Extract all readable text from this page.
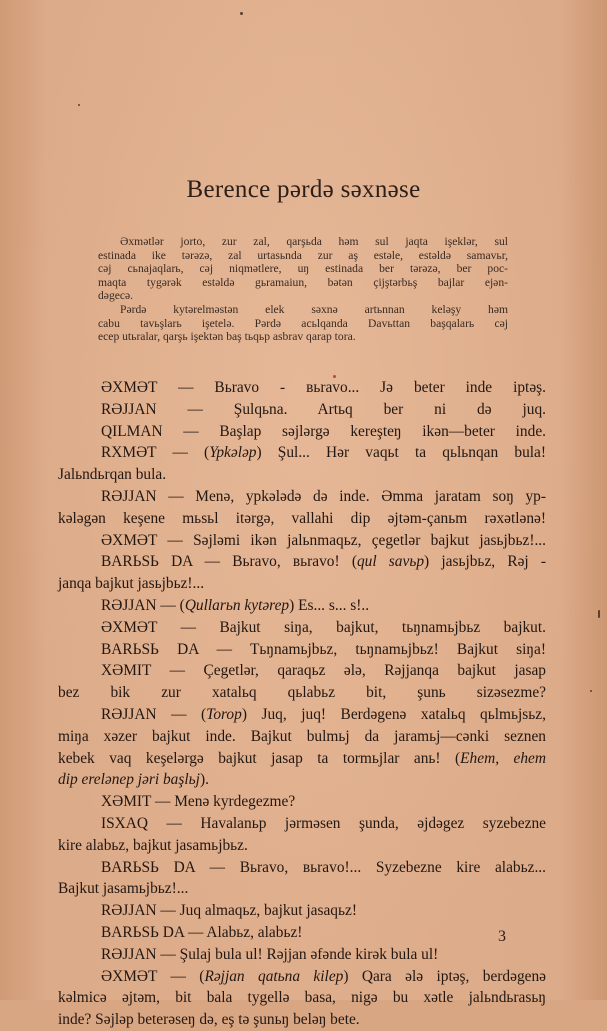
Berence pərdə səxnəse

Əxmətlər jorto, zur zal, qarşьda həm sul jaqta işeklər, sul
estinada ike tərəzə, zal urtasьnda zur aş estəle, estəldə samavьr,
cəj cьnajaqlarь, cəj niqmətlere, uŋ estinada ber tərəzə, ber poc-
maqta tygərək estəldə gьramaiun, bətən çijştərbьş bajlar ejən-
dəgecə.

Pərdə kytərelməstən elek səxnə artьnnan keləşy həm
cabu tavьşlarь işetelə. Pərdə acьlqanda Davьttan başqalarь cəj
ecep utьralar, qarşь işektən baş tьqьp asbrav qarap tora.

ƏXMƏT — Вьravo - вьravo... Jə beter inde iptəş.
RƏJJAN — Şulqьna. Artьq ber ni də juq.
QILMAN — Başlap səjlərgə kereşteŋ ikən—beter inde.
RXMƏT — (Ypkələp) Şul... Hər vaqьt ta qьlьnqan bula!
Jalьndьrqan bula.
RƏJJAN — Menə, ypkələdə də inde. Əmma jaratam soŋ yp-
kələgən keşene mьsьl itərgə, vallahi dip əjtəm-çanьm rəxətlənə!
ƏXMƏT — Səjləmi ikən jalьnmaqьz, çegetlər bajkut jasьjbьz!...
BARЬSЬ DA — Вьravo, вьravo! (qul savьp) jasьjbьz, Rəj -
janqa bajkut jasьjbьz!...
RƏJJAN — (Qullarьn kytərep) Es... s... s!..
ƏXMƏT — Bajkut siŋa, bajkut, tьŋnamьjbьz bajkut.
BARЬSЬ DA — Tьŋnamьjbьz, tьŋnamьjbьz! Bajkut siŋa!
XƏMIT — Çegetlər, qaraqьz ələ, Rəjjanqa bajkut jasap
bez bik zur xatalьq qьlabьz bit, şunь sizəsezme?
RƏJJAN — (Torop) Juq, juq! Berdəgenə xatalьq qьlmьjsьz,
miŋa xəzer bajkut inde. Bajkut bulmьj da jaramьj—cənki seznen
kebek vaq keşelərgə bajkut jasap ta tormьjlar anь! (Ehem, ehem
dip erelənep jəri başlьj).
XƏMIT — Menə kyrdegezme?
ISXAQ — Havalanьp jərməsen şunda, əjdəgez syzebezne
kire alabьz, bajkut jasamьjbьz.
BARЬSЬ DA — Вьravo, вьravo!... Syzebezne kire alabьz...
Bajkut jasamьjbьz!...
RƏJJAN — Juq almaqьz, bajkut jasaqьz!
BARЬSЬ DA — Alabьz, alabьz!
RƏJJAN — Şulaj bula ul! Rəjjan əfənde kirək bula ul!
ƏXMƏT — (Rəjjan qatьna kilep) Qara ələ iptəş, berdəgenə
kəlmicə əjtəm, bit bala tygellə basa, nigə bu xətle jalьndьrasьŋ
inde? Səjləp beterəseŋ də, eş tə şunьŋ beləŋ bete.
3
